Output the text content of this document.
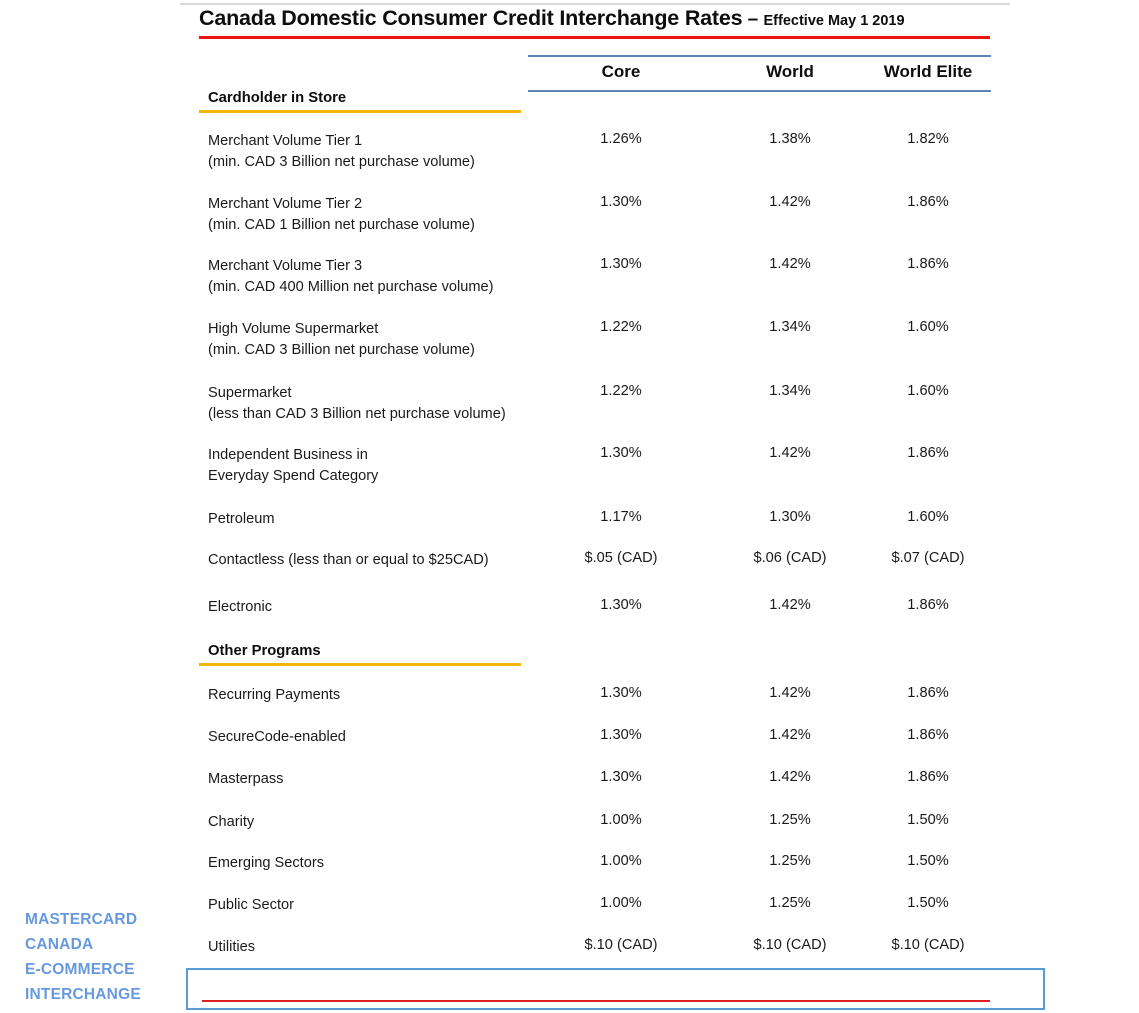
Canada Domestic Consumer Credit Interchange Rates – Effective May 1 2019
MASTERCARD
CANADA
E-COMMERCE
INTERCHANGE
Core	World	World Elite
Cardholder in Store
Other Programs
Merchant Volume Tier 1
(min. CAD 3 Billion net purchase volume)
1.26%	1.38%	1.82%
Merchant Volume Tier 2
(min. CAD 1 Billion net purchase volume)
1.30%	1.42%	1.86%
Merchant Volume Tier 3
(min. CAD 400 Million net purchase volume)
1.30%	1.42%	1.86%
High Volume Supermarket
(min. CAD 3 Billion net purchase volume)
1.22%	1.34%	1.60%
Supermarket
(less than CAD 3 Billion net purchase volume)
1.22%	1.34%	1.60%
Independent Business in
Everyday Spend Category
1.30%	1.42%	1.86%
Petroleum	1.17%	1.30%	1.60%
Contactless (less than or equal to $25CAD)	$.05 (CAD)	$.06 (CAD)	$.07 (CAD)
Electronic	1.30%	1.42%	1.86%
Recurring Payments	1.30%	1.42%	1.86%
SecureCode-enabled	1.30%	1.42%	1.86%
Masterpass	1.30%	1.42%	1.86%
Charity	1.00%	1.25%	1.50%
Emerging Sectors	1.00%	1.25%	1.50%
Public Sector	1.00%	1.25%	1.50%
Utilities	$.10 (CAD)	$.10 (CAD)	$.10 (CAD)
